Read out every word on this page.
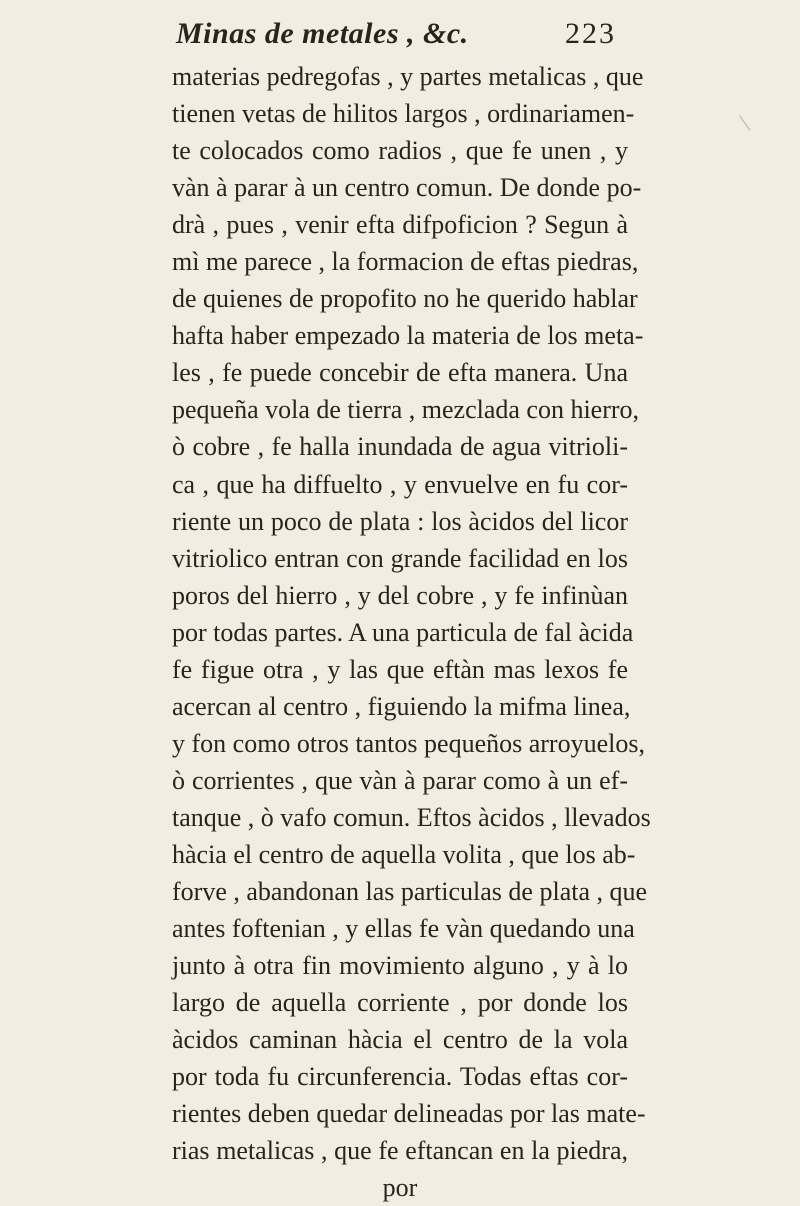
Minas de metales , &c.	223
materias pedregofas , y partes metalicas , que
tienen vetas de hilitos largos , ordinariamen-
te colocados como radios , que fe unen , y
vàn à parar à un centro comun. De donde po-
drà , pues , venir efta difpoficion ? Segun à
mì me parece , la formacion de eftas piedras,
de quienes de propofito no he querido hablar
hafta haber empezado la materia de los meta-
les , fe puede concebir de efta manera. Una
pequeña vola de tierra , mezclada con hierro,
ò cobre , fe halla inundada de agua vitrioli-
ca , que ha diffuelto , y envuelve en fu cor-
riente un poco de plata : los àcidos del licor
vitriolico entran con grande facilidad en los
poros del hierro , y del cobre , y fe infinùan
por todas partes. A una particula de fal àcida
fe figue otra , y las que eftàn mas lexos fe
acercan al centro , figuiendo la mifma linea,
y fon como otros tantos pequeños arroyuelos,
ò corrientes , que vàn à parar como à un ef-
tanque , ò vafo comun. Eftos àcidos , llevados
hàcia el centro de aquella volita , que los ab-
forve , abandonan las particulas de plata , que
antes foftenian , y ellas fe vàn quedando una
junto à otra fin movimiento alguno , y à lo
largo de aquella corriente , por donde los
àcidos caminan hàcia el centro de la vola
por toda fu circunferencia. Todas eftas cor-
rientes deben quedar delineadas por las mate-
rias metalicas , que fe eftancan en la piedra,
por
